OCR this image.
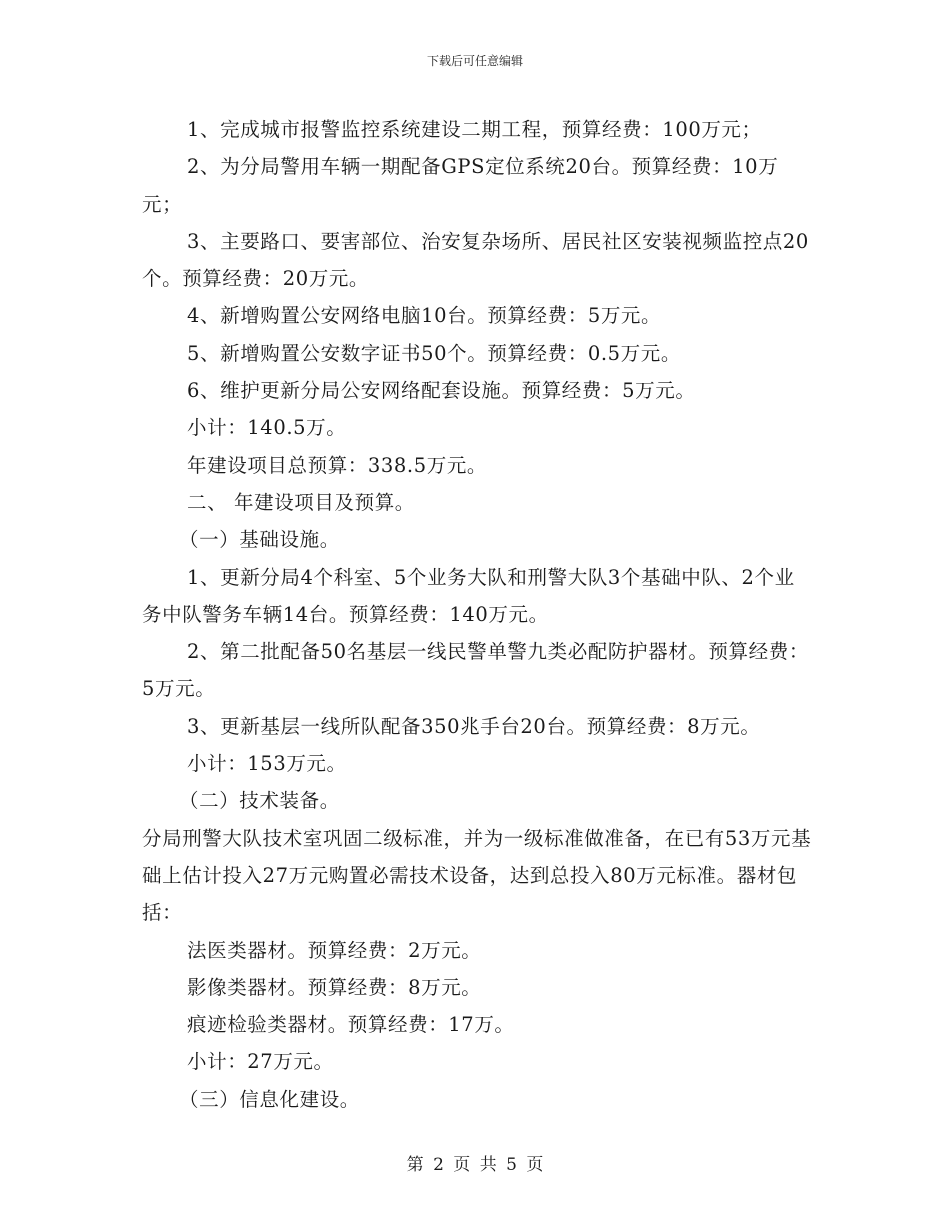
下载后可任意编辑

1、完成城市报警监控系统建设二期工程，预算经费：100万元；

2、为分局警用车辆一期配备GPS定位系统20台。预算经费：10万元；

3、主要路口、要害部位、治安复杂场所、居民社区安装视频监控点20个。预算经费：20万元。

4、新增购置公安网络电脑10台。预算经费：5万元。

5、新增购置公安数字证书50个。预算经费：0.5万元。

6、维护更新分局公安网络配套设施。预算经费：5万元。

小计：140.5万。

年建设项目总预算：338.5万元。

二、 年建设项目及预算。

（一）基础设施。

1、更新分局4个科室、5个业务大队和刑警大队3个基础中队、2个业务中队警务车辆14台。预算经费：140万元。

2、第二批配备50名基层一线民警单警九类必配防护器材。预算经费：5万元。

3、更新基层一线所队配备350兆手台20台。预算经费：8万元。

小计：153万元。

（二）技术装备。

分局刑警大队技术室巩固二级标准，并为一级标准做准备，在已有53万元基础上估计投入27万元购置必需技术设备，达到总投入80万元标准。器材包括：

法医类器材。预算经费：2万元。

影像类器材。预算经费：8万元。

痕迹检验类器材。预算经费：17万。

小计：27万元。

（三）信息化建设。

第 2 页 共 5 页
